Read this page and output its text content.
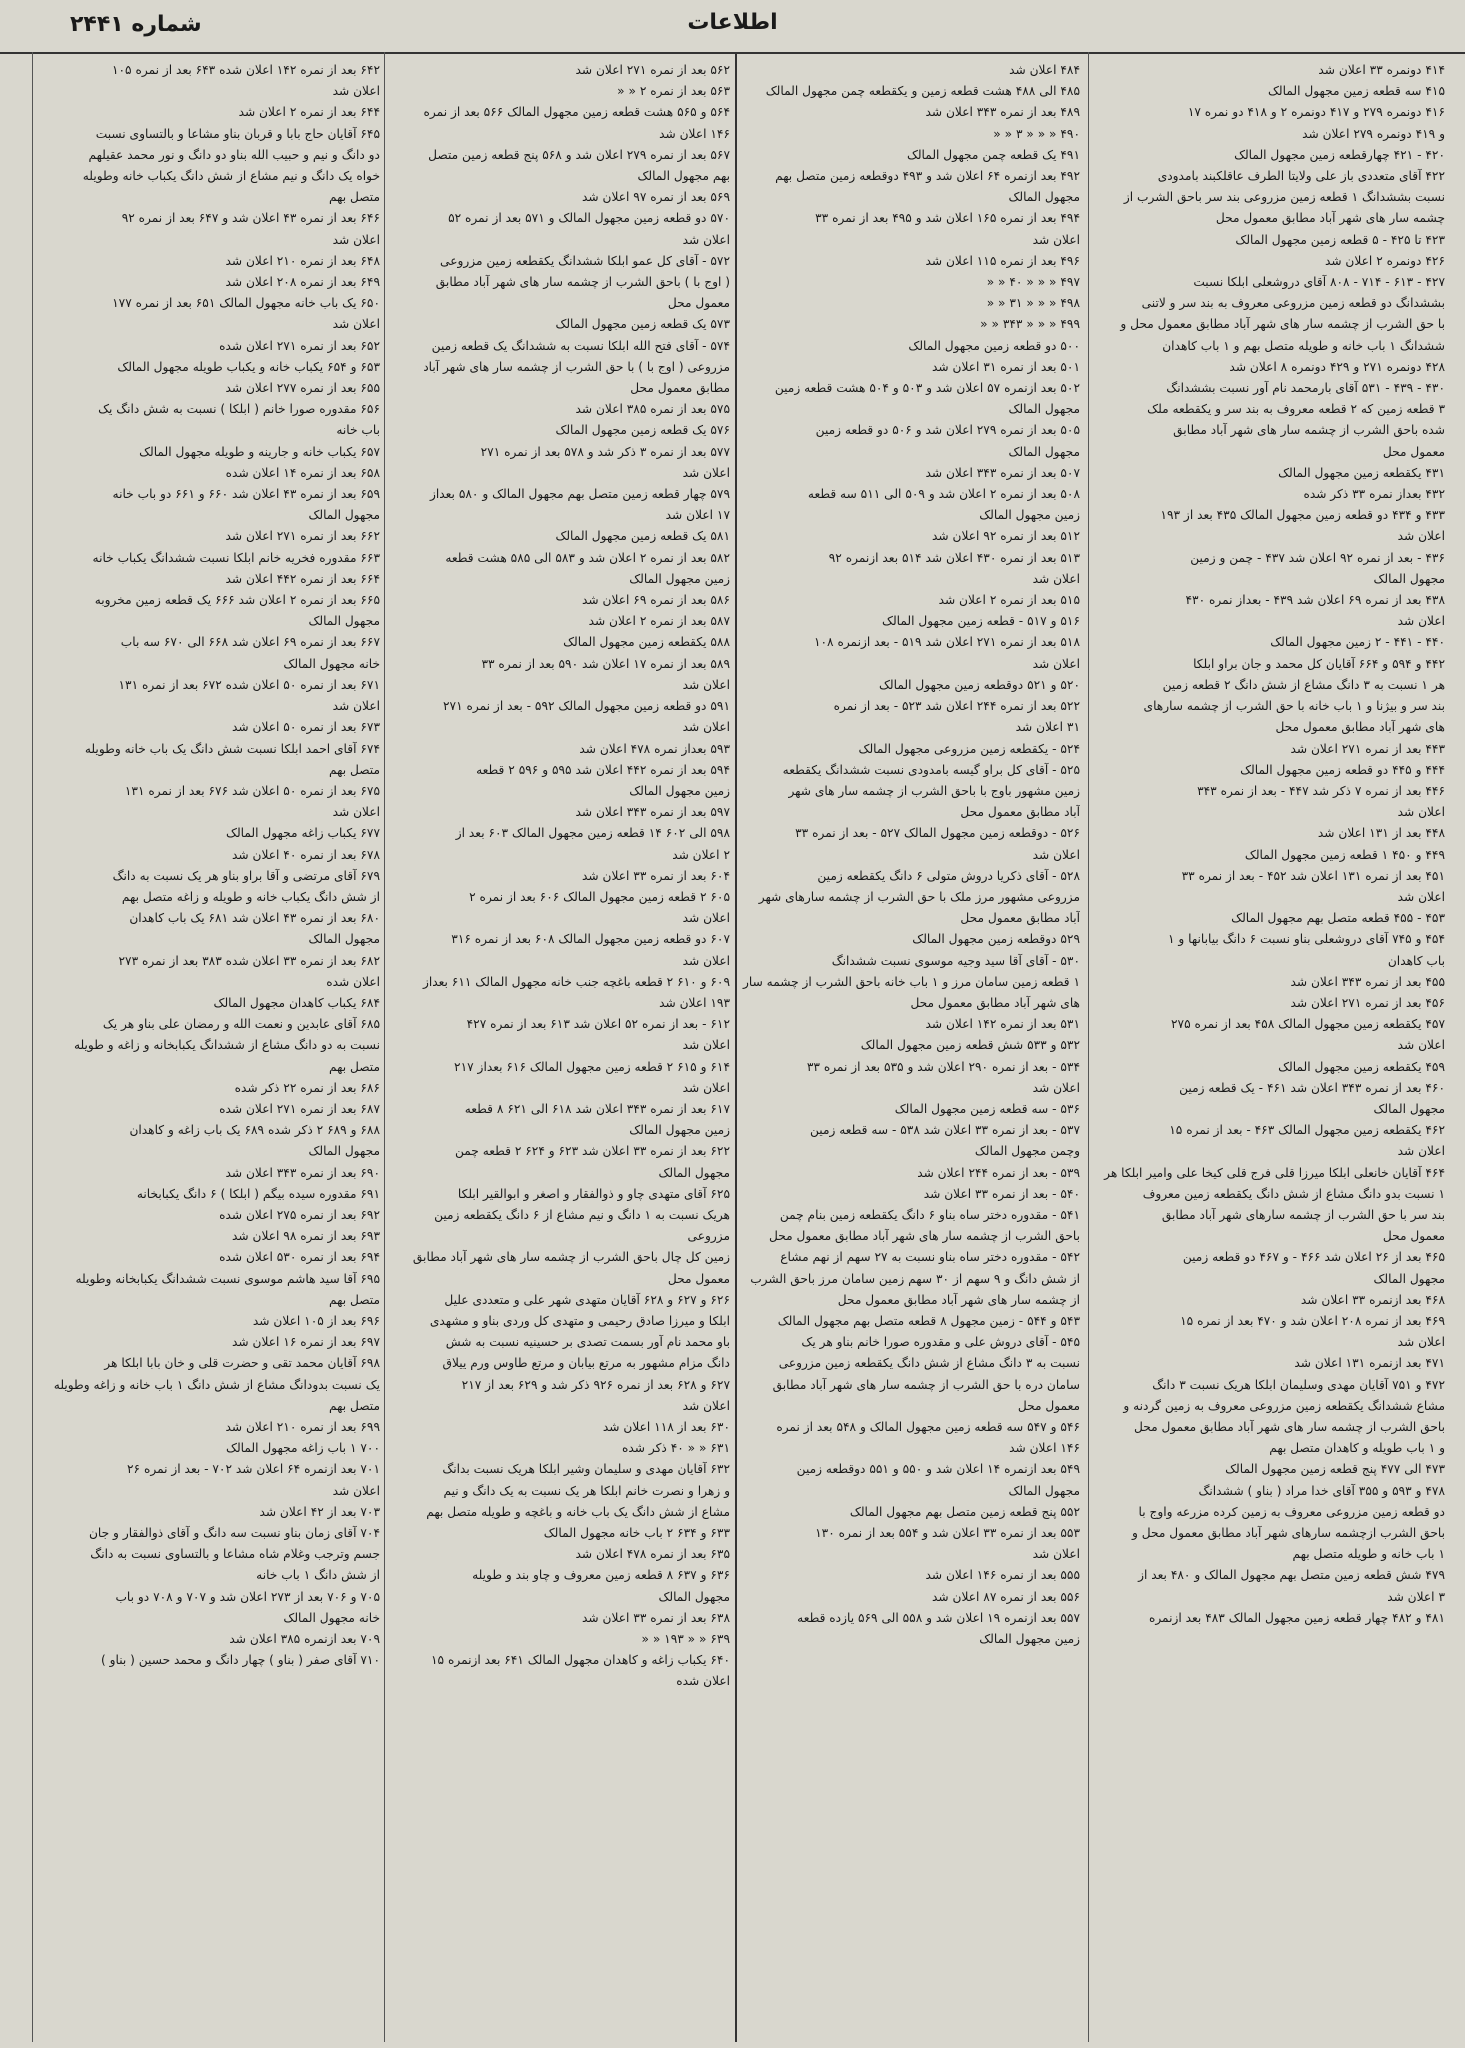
شماره ۲۴۴۱	اطلاعات

۴۱۴ دونمره ۳۳ اعلان شد

۴۱۵ سه قطعه زمین مجهول المالک

۴۱۶ دونمره ۲۷۹ و ۴۱۷ دونمره ۲ و ۴۱۸ دو نمره ۱۷

و ۴۱۹ دونمره ۲۷۹ اعلان شد

۴۲۰ - ۴۲۱ چهارقطعه زمین مجهول المالک

۴۲۲ آقای متعددی باز علی ولایتا الطرف عاقلکبند بامدودی

نسبت بششدانگ ۱ قطعه زمین مزروعی بند سر باحق الشرب از

چشمه سار های شهر آباد مطابق معمول محل

۴۲۳ تا ۴۲۵ - ۵ قطعه زمین مجهول المالک

۴۲۶ دونمره ۲ اعلان شد

۴۲۷ - ۶۱۳ - ۷۱۴ - ۸۰۸ آقای دروشعلی ابلکا نسبت

بششدانگ دو قطعه زمین مزروعی معروف به بند سر و لاتنی

با حق الشرب از چشمه سار های شهر آباد مطابق معمول محل و

ششدانگ ۱ باب خانه و طویله متصل بهم و ۱ باب کاهدان

۴۲۸ دونمره ۲۷۱ و ۴۲۹ دونمره ۸ اعلان شد

۴۳۰ - ۴۳۹ - ۵۳۱ آقای بارمحمد نام آور نسبت بششدانگ

۳ قطعه زمین که ۲ قطعه معروف به بند سر و یکقطعه ملک

شده باحق الشرب از چشمه سار های شهر آباد مطابق

معمول محل

۴۳۱ یکقطعه زمین مجهول المالک

۴۳۲ بعداز نمره ۳۳ ذکر شده

۴۳۳ و ۴۳۴ دو قطعه زمین مجهول المالک ۴۳۵ بعد از ۱۹۳

اعلان شد

۴۳۶ - بعد از نمره ۹۲ اعلان شد ۴۳۷ - چمن و زمین

مجهول المالک

۴۳۸ بعد از نمره ۶۹ اعلان شد ۴۳۹ - بعداز نمره ۴۳۰

اعلان شد

۴۴۰ - ۴۴۱ - ۲ زمین مجهول المالک

۴۴۲ و ۵۹۴ و ۶۶۴ آقایان کل محمد و جان براو ابلکا

هر ۱ نسبت به ۳ دانگ مشاع از شش دانگ ۲ قطعه زمین

بند سر و بیژنا و ۱ باب خانه با حق الشرب از چشمه سارهای

های شهر آباد مطابق معمول محل

۴۴۳ بعد از نمره ۲۷۱ اعلان شد

۴۴۴ و ۴۴۵ دو قطعه زمین مجهول المالک

۴۴۶ بعد از نمره ۷ ذکر شد ۴۴۷ - بعد از نمره ۳۴۳

اعلان شد

۴۴۸ بعد از ۱۳۱ اعلان شد

۴۴۹ و ۴۵۰ ۱ قطعه زمین مجهول المالک

۴۵۱ بعد از نمره ۱۳۱ اعلان شد ۴۵۲ - بعد از نمره ۳۳

اعلان شد

۴۵۳ - ۴۵۵ قطعه متصل بهم مجهول المالک

۴۵۴ و ۷۴۵ آقای دروشعلی بناو نسبت ۶ دانگ بیابانها و ۱

باب کاهدان

۴۵۵ بعد از نمره ۳۴۳ اعلان شد

۴۵۶ بعد از نمره ۲۷۱ اعلان شد

۴۵۷ یکقطعه زمین مجهول المالک ۴۵۸ بعد از نمره ۲۷۵

اعلان شد

۴۵۹ یکقطعه زمین مجهول المالک

۴۶۰ بعد از نمره ۳۴۳ اعلان شد ۴۶۱ - یک قطعه زمین

مجهول المالک

۴۶۲ یکقطعه زمین مجهول المالک ۴۶۳ - بعد از نمره ۱۵

اعلان شد

۴۶۴ آقایان خانعلی ابلکا میرزا قلی فرج قلی کیخا علی وامیر ابلکا هر

۱ نسبت بدو دانگ مشاع از شش دانگ یکقطعه زمین معروف

بند سر با حق الشرب از چشمه سارهای شهر آباد مطابق

معمول محل

۴۶۵ بعد از ۲۶ اعلان شد ۴۶۶ - و ۴۶۷ دو قطعه زمین

مجهول المالک

۴۶۸ بعد ازنمره ۳۳ اعلان شد

۴۶۹ بعد از نمره ۲۰۸ اعلان شد و ۴۷۰ بعد از نمره ۱۵

اعلان شد

۴۷۱ بعد ازنمره ۱۳۱ اعلان شد

۴۷۲ و ۷۵۱ آقایان مهدی وسلیمان ابلکا هریک نسبت ۳ دانگ

مشاع ششدانگ یکقطعه زمین مزروعی معروف به زمین گردنه و

باحق الشرب از چشمه سار های شهر آباد مطابق معمول محل

و ۱ باب طویله و کاهدان متصل بهم

۴۷۳ الی ۴۷۷ پنج قطعه زمین مجهول المالک

۴۷۸ و ۵۹۳ و ۳۵۵ آقای خدا مراد ( بناو ) ششدانگ

دو قطعه زمین مزروعی معروف به زمین کرده مزرعه واوج با

باحق الشرب ازچشمه سارهای شهر آباد مطابق معمول محل و

۱ باب خانه و طویله متصل بهم

۴۷۹ شش قطعه زمین متصل بهم مجهول المالک و ۴۸۰ بعد از

۳ اعلان شد

۴۸۱ و ۴۸۲ چهار قطعه زمین مجهول المالک ۴۸۳ بعد ازنمره

۴۸۴ اعلان شد

۴۸۵ الی ۴۸۸ هشت قطعه زمین و یکقطعه چمن مجهول المالک

۴۸۹ بعد از نمره ۳۴۳ اعلان شد

۴۹۰ « « « ۳ « «

۴۹۱ یک قطعه چمن مجهول المالک

۴۹۲ بعد ازنمره ۶۴ اعلان شد و ۴۹۳ دوقطعه زمین متصل بهم

مجهول المالک

۴۹۴ بعد از نمره ۱۶۵ اعلان شد و ۴۹۵ بعد از نمره ۳۳

اعلان شد

۴۹۶ بعد از نمره ۱۱۵ اعلان شد

۴۹۷ « « « ۴۰ « «

۴۹۸ « « « ۳۱ « «

۴۹۹ « « « ۳۴۳ « «

۵۰۰ دو قطعه زمین مجهول المالک

۵۰۱ بعد از نمره ۳۱ اعلان شد

۵۰۲ بعد ازنمره ۵۷ اعلان شد و ۵۰۳ و ۵۰۴ هشت قطعه زمین

مجهول المالک

۵۰۵ بعد از نمره ۲۷۹ اعلان شد و ۵۰۶ دو قطعه زمین

مجهول المالک

۵۰۷ بعد از نمره ۳۴۳ اعلان شد

۵۰۸ بعد از نمره ۲ اعلان شد و ۵۰۹ الی ۵۱۱ سه قطعه

زمین مجهول المالک

۵۱۲ بعد از نمره ۹۲ اعلان شد

۵۱۳ بعد از نمره ۴۳۰ اعلان شد ۵۱۴ بعد ازنمره ۹۲

اعلان شد

۵۱۵ بعد از نمره ۲ اعلان شد

۵۱۶ و ۵۱۷ - قطعه زمین مجهول المالک

۵۱۸ بعد از نمره ۲۷۱ اعلان شد ۵۱۹ - بعد ازنمره ۱۰۸

اعلان شد

۵۲۰ و ۵۲۱ دوقطعه زمین مجهول المالک

۵۲۲ بعد از نمره ۲۴۴ اعلان شد ۵۲۳ - بعد از نمره

۳۱ اعلان شد

۵۲۴ - یکقطعه زمین مزروعی مجهول المالک

۵۲۵ - آقای کل براو گیسه بامدودی نسبت ششدانگ یکقطعه

زمین مشهور باوج با باحق الشرب از چشمه سار های شهر

آباد مطابق معمول محل

۵۲۶ - دوقطعه زمین مجهول المالک ۵۲۷ - بعد از نمره ۳۳

اعلان شد

۵۲۸ - آقای ذکریا دروش متولی ۶ دانگ یکقطعه زمین

مزروعی مشهور مرز ملک با حق الشرب از چشمه سارهای شهر

آباد مطابق معمول محل

۵۲۹ دوقطعه زمین مجهول المالک

۵۳۰ - آقای آقا سید وجیه موسوی نسبت ششدانگ

۱ قطعه زمین سامان مرز و ۱ باب خانه باحق الشرب از چشمه سار

های شهر آباد مطابق معمول محل

۵۳۱ بعد از نمره ۱۴۲ اعلان شد

۵۳۲ و ۵۳۳ شش قطعه زمین مجهول المالک

۵۳۴ - بعد از نمره ۲۹۰ اعلان شد و ۵۳۵ بعد از نمره ۳۳

اعلان شد

۵۳۶ - سه قطعه زمین مجهول المالک

۵۳۷ - بعد از نمره ۳۳ اعلان شد ۵۳۸ - سه قطعه زمین

وچمن مجهول المالک

۵۳۹ - بعد از نمره ۲۴۴ اعلان شد

۵۴۰ - بعد از نمره ۳۳ اعلان شد

۵۴۱ - مقدوره دختر ساه بناو ۶ دانگ یکقطعه زمین بنام چمن

باحق الشرب از چشمه سار های شهر آباد مطابق معمول محل

۵۴۲ - مقدوره دختر ساه بناو نسبت به ۲۷ سهم از نهم مشاع

از شش دانگ و ۹ سهم از ۳۰ سهم زمین سامان مرز باحق الشرب

از چشمه سار های شهر آباد مطابق معمول محل

۵۴۳ و ۵۴۴ - زمین مجهول ۸ قطعه متصل بهم مجهول المالک

۵۴۵ - آقای دروش علی و مقدوره صورا خانم بناو هر یک

نسبت به ۳ دانگ مشاع از شش دانگ یکقطعه زمین مزروعی

سامان دره با حق الشرب از چشمه سار های شهر آباد مطابق

معمول محل

۵۴۶ و ۵۴۷ سه قطعه زمین مجهول المالک و ۵۴۸ بعد از نمره

۱۴۶ اعلان شد

۵۴۹ بعد ازنمره ۱۴ اعلان شد و ۵۵۰ و ۵۵۱ دوقطعه زمین

مجهول المالک

۵۵۲ پنج قطعه زمین متصل بهم مجهول المالک

۵۵۳ بعد از نمره ۳۳ اعلان شد و ۵۵۴ بعد از نمره ۱۳۰

اعلان شد

۵۵۵ بعد از نمره ۱۴۶ اعلان شد

۵۵۶ بعد از نمره ۸۷ اعلان شد

۵۵۷ بعد ازنمره ۱۹ اعلان شد و ۵۵۸ الی ۵۶۹ یازده قطعه

زمین مجهول المالک

۵۶۲ بعد از نمره ۲۷۱ اعلان شد

۵۶۳ بعد از نمره ۲ « «

۵۶۴ و ۵۶۵ هشت قطعه زمین مجهول المالک ۵۶۶ بعد از نمره

۱۴۶ اعلان شد

۵۶۷ بعد از نمره ۲۷۹ اعلان شد و ۵۶۸ پنج قطعه زمین متصل

بهم مجهول المالک

۵۶۹ بعد از نمره ۹۷ اعلان شد

۵۷۰ دو قطعه زمین مجهول المالک و ۵۷۱ بعد از نمره ۵۲

اعلان شد

۵۷۲ - آقای کل عمو ابلکا ششدانگ یکقطعه زمین مزروعی

( اوج با ) باحق الشرب از چشمه سار های شهر آباد مطابق

معمول محل

۵۷۳ یک قطعه زمین مجهول المالک

۵۷۴ - آقای فتح الله ابلکا نسبت به ششدانگ یک قطعه زمین

مزروعی ( اوج با ) با حق الشرب از چشمه سار های شهر آباد

مطابق معمول محل

۵۷۵ بعد از نمره ۳۸۵ اعلان شد

۵۷۶ یک قطعه زمین مجهول المالک

۵۷۷ بعد از نمره ۳ ذکر شد و ۵۷۸ بعد از نمره ۲۷۱

اعلان شد

۵۷۹ چهار قطعه زمین متصل بهم مجهول المالک و ۵۸۰ بعداز

۱۷ اعلان شد

۵۸۱ یک قطعه زمین مجهول المالک

۵۸۲ بعد از نمره ۲ اعلان شد و ۵۸۳ الی ۵۸۵ هشت قطعه

زمین مجهول المالک

۵۸۶ بعد از نمره ۶۹ اعلان شد

۵۸۷ بعد از نمره ۲ اعلان شد

۵۸۸ یکقطعه زمین مجهول المالک

۵۸۹ بعد از نمره ۱۷ اعلان شد ۵۹۰ بعد از نمره ۳۳

اعلان شد

۵۹۱ دو قطعه زمین مجهول المالک ۵۹۲ - بعد از نمره ۲۷۱

اعلان شد

۵۹۳ بعداز نمره ۴۷۸ اعلان شد

۵۹۴ بعد از نمره ۴۴۲ اعلان شد ۵۹۵ و ۵۹۶ ۲ قطعه

زمین مجهول المالک

۵۹۷ بعد از نمره ۳۴۳ اعلان شد

۵۹۸ الی ۶۰۲ ۱۴ قطعه زمین مجهول المالک ۶۰۳ بعد از

۲ اعلان شد

۶۰۴ بعد از نمره ۳۳ اعلان شد

۶۰۵ ۲ قطعه زمین مجهول المالک ۶۰۶ بعد از نمره ۲

اعلان شد

۶۰۷ دو قطعه زمین مجهول المالک ۶۰۸ بعد از نمره ۳۱۶

اعلان شد

۶۰۹ و ۶۱۰ ۲ قطعه باغچه جنب خانه مجهول المالک ۶۱۱ بعداز

۱۹۳ اعلان شد

۶۱۲ - بعد از نمره ۵۲ اعلان شد ۶۱۳ بعد از نمره ۴۲۷

اعلان شد

۶۱۴ و ۶۱۵ ۲ قطعه زمین مجهول المالک ۶۱۶ بعداز ۲۱۷

اعلان شد

۶۱۷ بعد از نمره ۳۴۳ اعلان شد ۶۱۸ الی ۶۲۱ ۸ قطعه

زمین مجهول المالک

۶۲۲ بعد از نمره ۳۳ اعلان شد ۶۲۳ و ۶۲۴ ۲ قطعه چمن

مجهول المالک

۶۲۵ آقای متهدی چاو و ذوالفقار و اصغر و ابوالقیر ابلکا

هریک نسبت به ۱ دانگ و نیم مشاع از ۶ دانگ یکقطعه زمین مزروعی

زمین کل چال باحق الشرب از چشمه سار های شهر آباد مطابق

معمول محل

۶۲۶ و ۶۲۷ و ۶۲۸ آقایان متهدی شهر علی و متعددی علیل

ابلکا و میرزا صادق رحیمی و متهدی کل وردی بناو و مشهدی

باو محمد نام آور بسمت تصدی بر حسینیه نسبت به شش

دانگ مزام مشهور به مرتع بیابان و مرتع طاوس ورم ییلاق

۶۲۷ و ۶۲۸ بعد از نمره ۹۲۶ ذکر شد و ۶۲۹ بعد از ۲۱۷

اعلان شد

۶۳۰ بعد از ۱۱۸ اعلان شد

۶۳۱ « « ۴۰ ذکر شده

۶۳۲ آقایان مهدی و سلیمان وشیر ابلکا هریک نسبت بدانگ

و زهرا و نصرت خانم ابلکا هر یک نسبت به یک دانگ و نیم

مشاع از شش دانگ یک باب خانه و باغچه و طویله متصل بهم

۶۳۳ و ۶۳۴ ۲ باب خانه مجهول المالک

۶۳۵ بعد از نمره ۴۷۸ اعلان شد

۶۳۶ و ۶۳۷ ۸ قطعه زمین معروف و چاو بند و طویله

مجهول المالک

۶۳۸ بعد از نمره ۳۳ اعلان شد

۶۳۹ « « ۱۹۳ « «

۶۴۰ یکباب زاغه و کاهدان مجهول المالک ۶۴۱ بعد ازنمره ۱۵

اعلان شده

۶۴۲ بعد از نمره ۱۴۲ اعلان شده ۶۴۳ بعد از نمره ۱۰۵

اعلان شد

۶۴۴ بعد از نمره ۲ اعلان شد

۶۴۵ آقایان حاج بابا و قربان بناو مشاعا و بالتساوی نسبت

دو دانگ و نیم و حبیب الله بناو دو دانگ و نور محمد عقیلهم

خواه یک دانگ و نیم مشاع از شش دانگ یکباب خانه وطویله

متصل بهم

۶۴۶ بعد از نمره ۴۳ اعلان شد و ۶۴۷ بعد از نمره ۹۲

اعلان شد

۶۴۸ بعد از نمره ۲۱۰ اعلان شد

۶۴۹ بعد از نمره ۲۰۸ اعلان شد

۶۵۰ یک باب خانه مجهول المالک ۶۵۱ بعد از نمره ۱۷۷

اعلان شد

۶۵۲ بعد از نمره ۲۷۱ اعلان شده

۶۵۳ و ۶۵۴ یکباب خانه و یکباب طویله مجهول المالک

۶۵۵ بعد از نمره ۲۷۷ اعلان شد

۶۵۶ مقدوره صورا خانم ( ابلکا ) نسبت به شش دانگ یک

باب خانه

۶۵۷ یکباب خانه و جارینه و طویله مجهول المالک

۶۵۸ بعد از نمره ۱۴ اعلان شده

۶۵۹ بعد از نمره ۴۳ اعلان شد ۶۶۰ و ۶۶۱ دو باب خانه

مجهول المالک

۶۶۲ بعد از نمره ۲۷۱ اعلان شد

۶۶۳ مقدوره فخریه خانم ابلکا نسبت ششدانگ یکباب خانه

۶۶۴ بعد از نمره ۴۴۲ اعلان شد

۶۶۵ بعد از نمره ۲ اعلان شد ۶۶۶ یک قطعه زمین مخروبه

مجهول المالک

۶۶۷ بعد از نمره ۶۹ اعلان شد ۶۶۸ الی ۶۷۰ سه باب

خانه مجهول المالک

۶۷۱ بعد از نمره ۵۰ اعلان شده ۶۷۲ بعد از نمره ۱۳۱

اعلان شد

۶۷۳ بعد از نمره ۵۰ اعلان شد

۶۷۴ آقای احمد ابلکا نسبت شش دانگ یک باب خانه وطویله

متصل بهم

۶۷۵ بعد از نمره ۵۰ اعلان شد ۶۷۶ بعد از نمره ۱۳۱

اعلان شد

۶۷۷ یکباب زاغه مجهول المالک

۶۷۸ بعد از نمره ۴۰ اعلان شد

۶۷۹ آقای مرتضی و آقا براو بناو هر یک نسبت به دانگ

از شش دانگ یکباب خانه و طویله و زاغه متصل بهم

۶۸۰ بعد از نمره ۴۳ اعلان شد ۶۸۱ یک باب کاهدان

مجهول المالک

۶۸۲ بعد از نمره ۳۳ اعلان شده ۳۸۳ بعد از نمره ۲۷۳

اعلان شده

۶۸۴ یکباب کاهدان مجهول المالک

۶۸۵ آقای عابدین و نعمت الله و رمضان علی بناو هر یک

نسبت به دو دانگ مشاع از ششدانگ یکبابخانه و زاغه و طویله

متصل بهم

۶۸۶ بعد از نمره ۲۲ ذکر شده

۶۸۷ بعد از نمره ۲۷۱ اعلان شده

۶۸۸ و ۶۸۹ ۲ ذکر شده ۶۸۹ یک باب زاغه و کاهدان

مجهول المالک

۶۹۰ بعد از نمره ۳۴۳ اعلان شد

۶۹۱ مقدوره سیده بیگم ( ابلکا ) ۶ دانگ یکبابخانه

۶۹۲ بعد از نمره ۲۷۵ اعلان شده

۶۹۳ بعد از نمره ۹۸ اعلان شد

۶۹۴ بعد از نمره ۵۳۰ اعلان شده

۶۹۵ آقا سید هاشم موسوی نسبت ششدانگ یکبابخانه وطویله

متصل بهم

۶۹۶ بعد از ۱۰۵ اعلان شد

۶۹۷ بعد از نمره ۱۶ اعلان شد

۶۹۸ آقایان محمد تقی و حضرت قلی و خان بابا ابلکا هر

یک نسبت بدودانگ مشاع از شش دانگ ۱ باب خانه و زاغه وطویله

متصل بهم

۶۹۹ بعد از نمره ۲۱۰ اعلان شد

۷۰۰ ۱ باب زاغه مجهول المالک

۷۰۱ بعد ازنمره ۶۴ اعلان شد ۷۰۲ - بعد از نمره ۲۶

اعلان شد

۷۰۳ بعد از ۴۲ اعلان شد

۷۰۴ آقای زمان بناو نسبت سه دانگ و آقای ذوالفقار و جان

جسم وترجب وغلام شاه مشاعا و بالتساوی نسبت به دانگ

از شش دانگ ۱ باب خانه

۷۰۵ و ۷۰۶ بعد از ۲۷۳ اعلان شد و ۷۰۷ و ۷۰۸ دو باب

خانه مجهول المالک

۷۰۹ بعد ازنمره ۳۸۵ اعلان شد

۷۱۰ آقای صفر ( بناو ) چهار دانگ و محمد حسین ( بناو )
